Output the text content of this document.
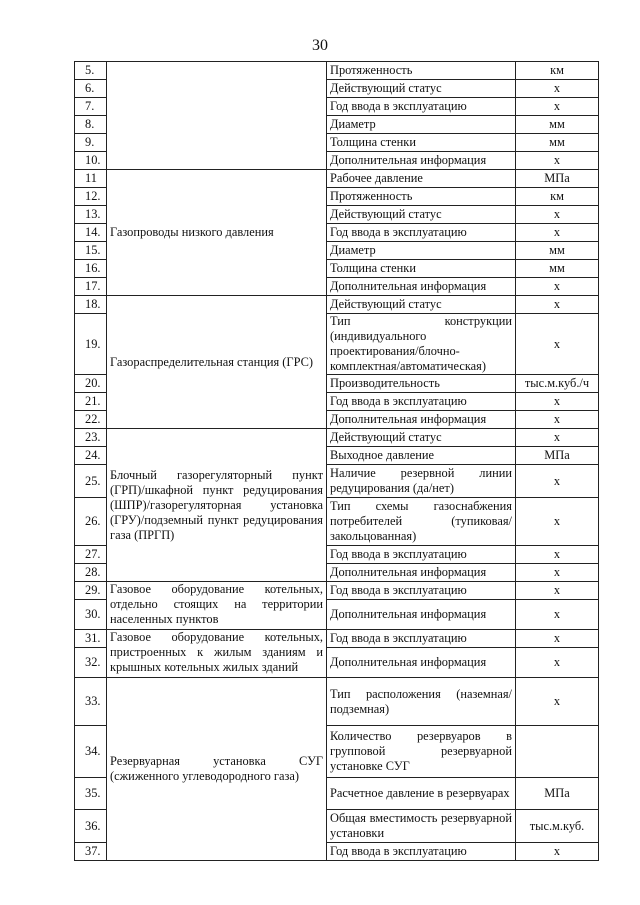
30
5.		Протяженность	км
6.		Действующий статус	х
7.		Год ввода в эксплуатацию	х
8.		Диаметр	мм
9.		Толщина стенки	мм
10.		Дополнительная информация	х
11	Газопроводы низкого давления	Рабочее давление	МПа
12.		Протяженность	км
13.		Действующий статус	х
14.		Год ввода в эксплуатацию	х
15.		Диаметр	мм
16.		Толщина стенки	мм
17.		Дополнительная информация	х
18.	Газораспределительная станция (ГРС)	Действующий статус	х
19.		Тип конструкции (индивидуального проектирования/блочно-комплектная/автоматическая)	х
20.		Производительность	тыс.м.куб./ч
21.		Год ввода в эксплуатацию	х
22.		Дополнительная информация	х
23.	Блочный газорегуляторный пункт (ГРП)/шкафной пункт редуцирования (ШПР)/газорегуляторная установка (ГРУ)/подземный пункт редуцирования газа (ПРГП)	Действующий статус	х
24.		Выходное давление	МПа
25.		Наличие резервной линии редуцирования (да/нет)	х
26.		Тип схемы газоснабжения потребителей (тупиковая/закольцованная)	х
27.		Год ввода в эксплуатацию	х
28.		Дополнительная информация	х
29.	Газовое оборудование котельных, отдельно стоящих на территории населенных пунктов	Год ввода в эксплуатацию	х
30.		Дополнительная информация	х
31.	Газовое оборудование котельных, пристроенных к жилым зданиям и крышных котельных жилых зданий	Год ввода в эксплуатацию	х
32.		Дополнительная информация	х
33.	Резервуарная установка СУГ (сжиженного углеводородного газа)	Тип расположения (наземная/подземная)	х
34.		Количество резервуаров в групповой резервуарной установке СУГ	
35.		Расчетное давление в резервуарах	МПа
36.		Общая вместимость резервуарной установки	тыс.м.куб.
37.		Год ввода в эксплуатацию	х
